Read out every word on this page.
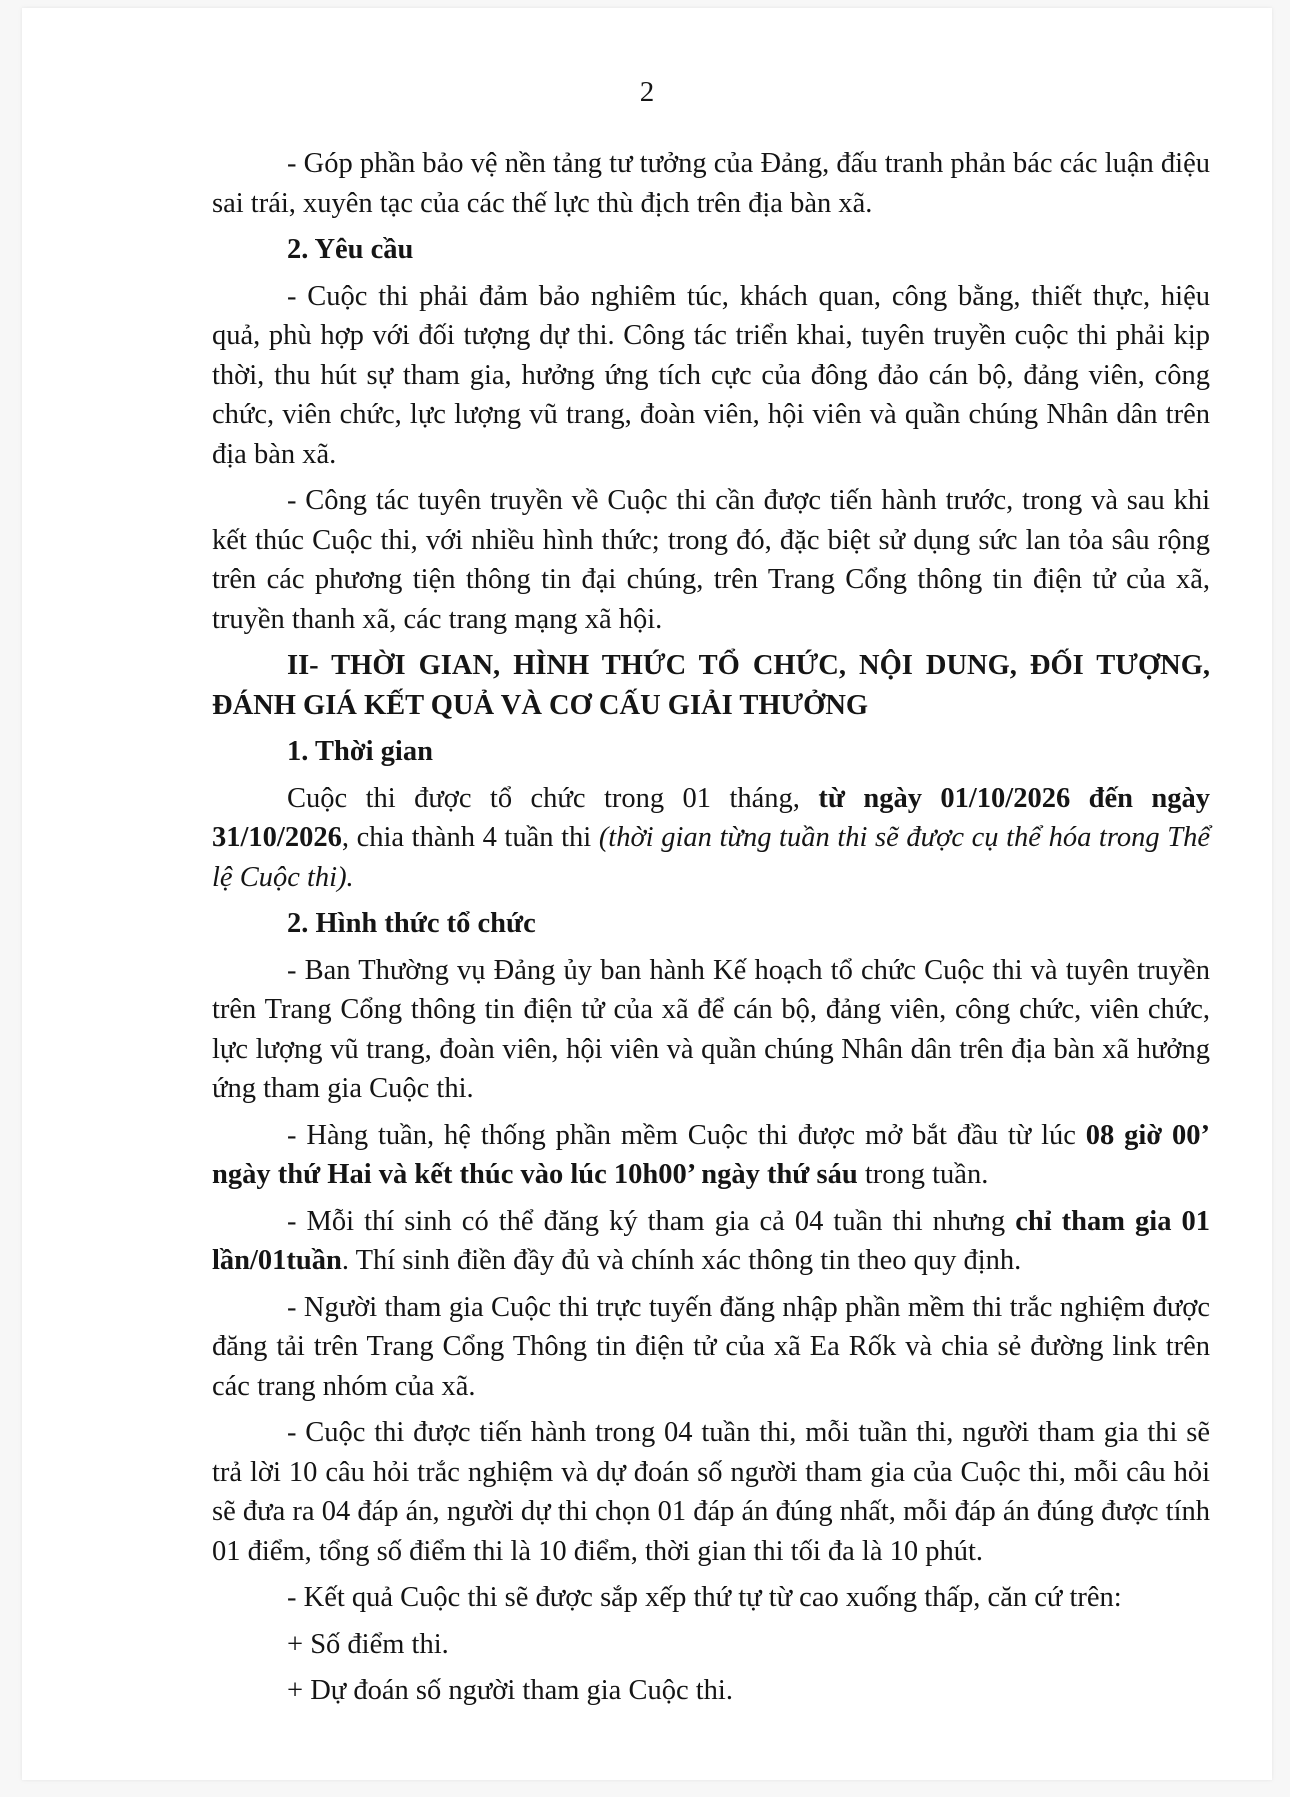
2

- Góp phần bảo vệ nền tảng tư tưởng của Đảng, đấu tranh phản bác các luận điệu sai trái, xuyên tạc của các thế lực thù địch trên địa bàn xã.

2. Yêu cầu

- Cuộc thi phải đảm bảo nghiêm túc, khách quan, công bằng, thiết thực, hiệu quả, phù hợp với đối tượng dự thi. Công tác triển khai, tuyên truyền cuộc thi phải kịp thời, thu hút sự tham gia, hưởng ứng tích cực của đông đảo cán bộ, đảng viên, công chức, viên chức, lực lượng vũ trang, đoàn viên, hội viên và quần chúng Nhân dân trên địa bàn xã.

- Công tác tuyên truyền về Cuộc thi cần được tiến hành trước, trong và sau khi kết thúc Cuộc thi, với nhiều hình thức; trong đó, đặc biệt sử dụng sức lan tỏa sâu rộng trên các phương tiện thông tin đại chúng, trên Trang Cổng thông tin điện tử của xã, truyền thanh xã, các trang mạng xã hội.

II- THỜI GIAN, HÌNH THỨC TỔ CHỨC, NỘI DUNG, ĐỐI TƯỢNG, ĐÁNH GIÁ KẾT QUẢ VÀ CƠ CẤU GIẢI THƯỞNG

1. Thời gian

Cuộc thi được tổ chức trong 01 tháng, từ ngày 01/10/2026 đến ngày 31/10/2026, chia thành 4 tuần thi (thời gian từng tuần thi sẽ được cụ thể hóa trong Thể lệ Cuộc thi).

2. Hình thức tổ chức

- Ban Thường vụ Đảng ủy ban hành Kế hoạch tổ chức Cuộc thi và tuyên truyền trên Trang Cổng thông tin điện tử của xã để cán bộ, đảng viên, công chức, viên chức, lực lượng vũ trang, đoàn viên, hội viên và quần chúng Nhân dân trên địa bàn xã hưởng ứng tham gia Cuộc thi.

- Hàng tuần, hệ thống phần mềm Cuộc thi được mở bắt đầu từ lúc 08 giờ 00’ ngày thứ Hai và kết thúc vào lúc 10h00’ ngày thứ sáu trong tuần.

- Mỗi thí sinh có thể đăng ký tham gia cả 04 tuần thi nhưng chỉ tham gia 01 lần/01tuần. Thí sinh điền đầy đủ và chính xác thông tin theo quy định.

- Người tham gia Cuộc thi trực tuyến đăng nhập phần mềm thi trắc nghiệm được đăng tải trên Trang Cổng Thông tin điện tử của xã Ea Rốk và chia sẻ đường link trên các trang nhóm của xã.

- Cuộc thi được tiến hành trong 04 tuần thi, mỗi tuần thi, người tham gia thi sẽ trả lời 10 câu hỏi trắc nghiệm và dự đoán số người tham gia của Cuộc thi, mỗi câu hỏi sẽ đưa ra 04 đáp án, người dự thi chọn 01 đáp án đúng nhất, mỗi đáp án đúng được tính 01 điểm, tổng số điểm thi là 10 điểm, thời gian thi tối đa là 10 phút.

- Kết quả Cuộc thi sẽ được sắp xếp thứ tự từ cao xuống thấp, căn cứ trên:

+ Số điểm thi.

+ Dự đoán số người tham gia Cuộc thi.
